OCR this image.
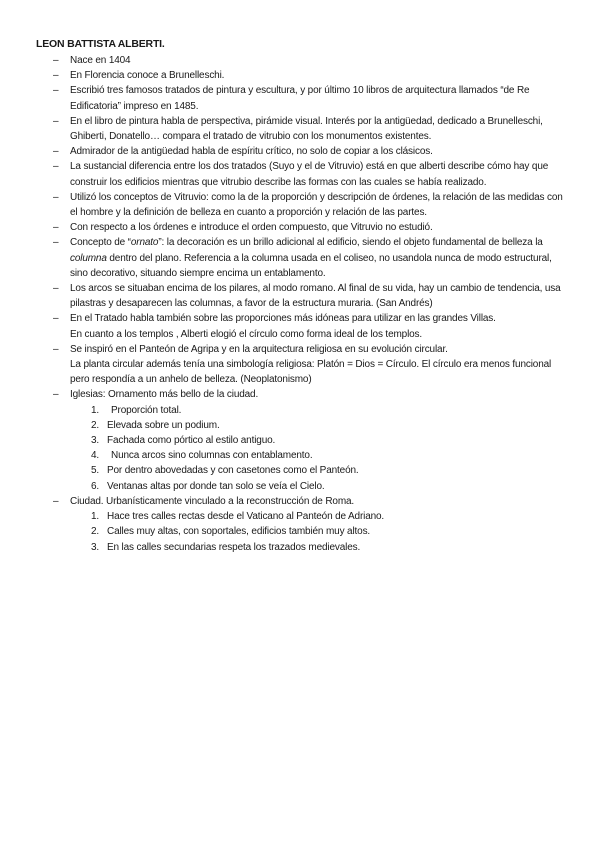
LEON BATTISTA ALBERTI.
– Nace en 1404
– En Florencia conoce a Brunelleschi.
– Escribió tres famosos tratados de pintura y escultura, y por último 10 libros de arquitectura llamados “de Re Edificatoria” impreso en 1485.
– En el libro de pintura habla de perspectiva, pirámide visual. Interés por la antigüedad, dedicado a Brunelleschi, Ghiberti, Donatello… compara el tratado de vitrubio con los monumentos existentes.
– Admirador de la antigüedad habla de espíritu crítico, no solo de copiar a los clásicos.
– La sustancial diferencia entre los dos tratados (Suyo y el de Vitruvio) está en que alberti describe cómo hay que construir los edificios mientras que vitrubio describe las formas con las cuales se había realizado.
– Utilizó los conceptos de Vitruvio: como la de la proporción y descripción de órdenes, la relación de las medidas con el hombre y la definición de belleza en cuanto a proporción y relación de las partes.
– Con respecto a los órdenes e introduce el orden compuesto, que Vitruvio no estudió.
– Concepto de “ornato”: la decoración es un brillo adicional al edificio, siendo el objeto fundamental de belleza la columna dentro del plano. Referencia a la columna usada en el coliseo, no usandola nunca de modo estructural, sino decorativo, situando siempre encima un entablamento.
– Los arcos se situaban encima de los pilares, al modo romano. Al final de su vida, hay un cambio de tendencia, usa pilastras y desaparecen las columnas, a favor de la estructura muraria. (San Andrés)
– En el Tratado habla también sobre las proporciones más idóneas para utilizar en las grandes Villas.
En cuanto a los templos , Alberti elogió el círculo como forma ideal de los templos.
– Se inspiró en el Panteón de Agripa y en la arquitectura religiosa en su evolución circular.
La planta circular además tenía una simbología religiosa: Platón = Dios = Círculo. El círculo era menos funcional pero respondía a un anhelo de belleza. (Neoplatonismo)
– Iglesias: Ornamento más bello de la ciudad.
1. Proporción total.
2. Elevada sobre un podium.
3. Fachada como pórtico al estilo antiguo.
4. Nunca arcos sino columnas con entablamento.
5. Por dentro abovedadas y con casetones como el Panteón.
6. Ventanas altas por donde tan solo se veía el Cielo.
– Ciudad. Urbanísticamente vinculado a la reconstrucción de Roma.
1. Hace tres calles rectas desde el Vaticano al Panteón de Adriano.
2. Calles muy altas, con soportales, edificios también muy altos.
3. En las calles secundarias respeta los trazados medievales.
